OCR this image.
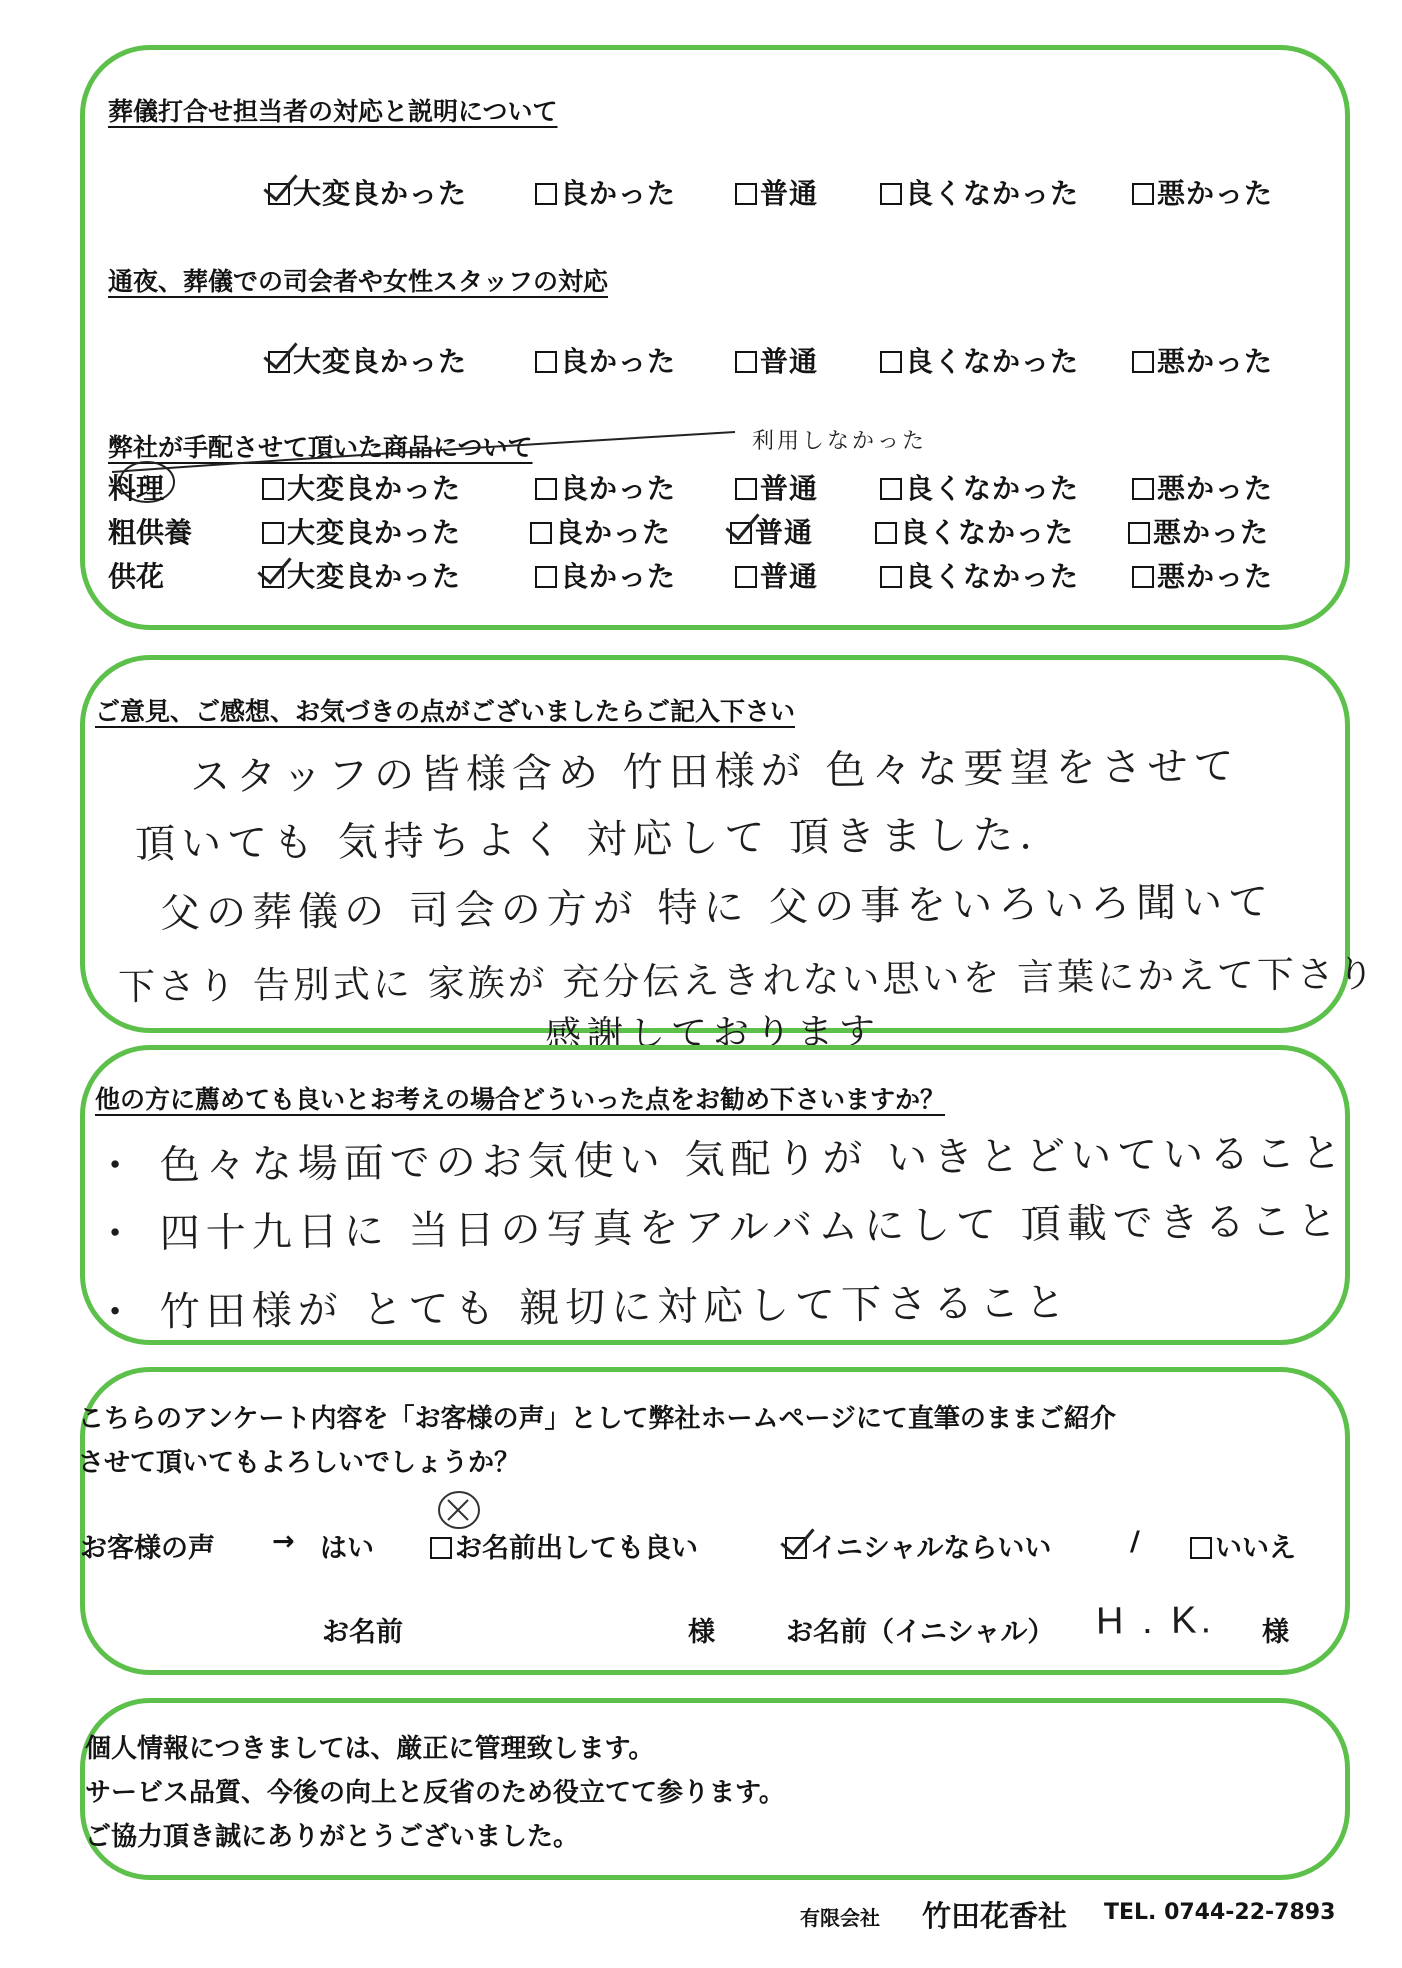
葬儀打合せ担当者の対応と説明について
大変良かった	良かった	普通	良くなかった	悪かった
通夜、葬儀での司会者や女性スタッフの対応
大変良かった	良かった	普通	良くなかった	悪かった
弊社が手配させて頂いた商品について	利用しなかった
料理	大変良かった	良かった	普通	良くなかった	悪かった
粗供養	大変良かった	良かった	普通	良くなかった	悪かった
供花	大変良かった	良かった	普通	良くなかった	悪かった
ご意見、ご感想、お気づきの点がございましたらご記入下さい
スタッフの皆様含め 竹田様が 色々な要望をさせて
頂いても 気持ちよく 対応して 頂きました.
父の葬儀の 司会の方が 特に 父の事をいろいろ聞いて
下さり 告別式に 家族が 充分伝えきれない思いを 言葉にかえて下さり
感謝しております
他の方に薦めても良いとお考えの場合どういった点をお勧め下さいますか？
・ 色々な場面でのお気使い 気配りが いきとどいていること
・ 四十九日に 当日の写真をアルバムにして 頂載できること
・ 竹田様が とても 親切に対応して下さること
こちらのアンケート内容を「お客様の声」として弊社ホームページにて直筆のままご紹介
させて頂いてもよろしいでしょうか？
お客様の声 → はい	お名前出しても良い	イニシャルならいい	/	いいえ
お名前	様	お名前（イニシャル） H . K. 様
個人情報につきましては、厳正に管理致します。
サービス品質、今後の向上と反省のため役立てて参ります。
ご協力頂き誠にありがとうございました。
有限会社 竹田花香社 TEL. 0744-22-7893
